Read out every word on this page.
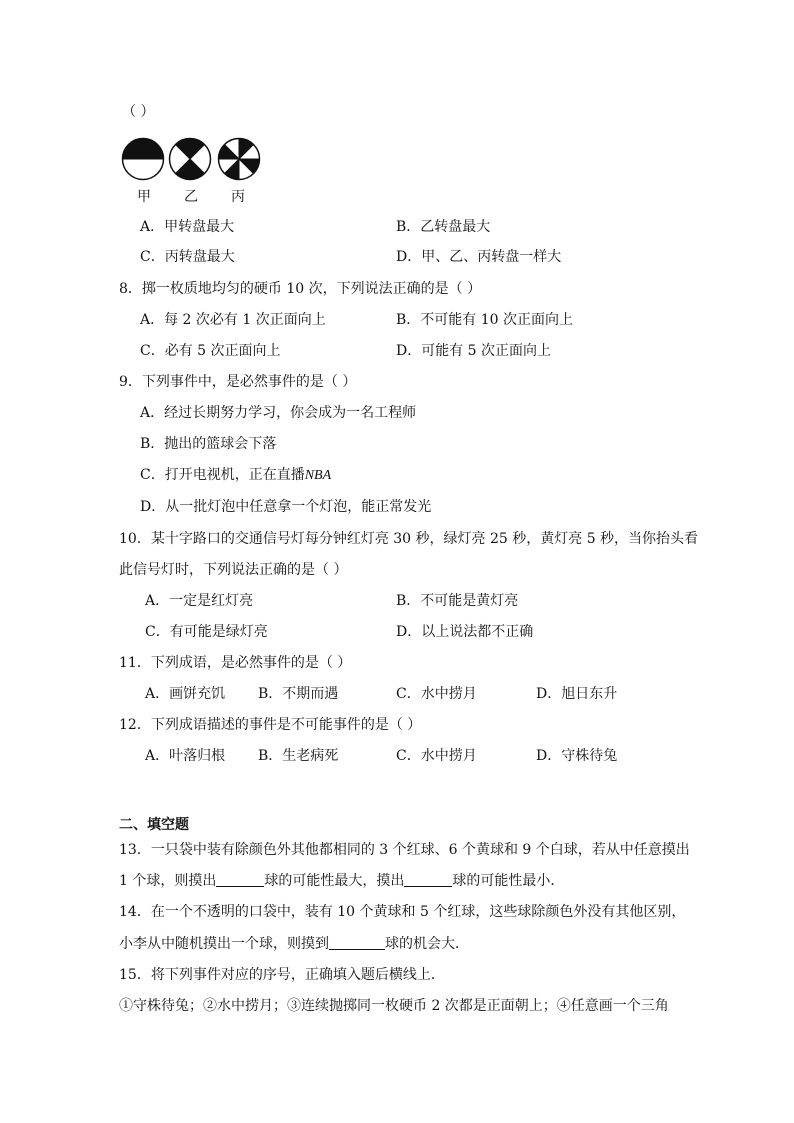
（ ）
甲 乙 丙
A．甲转盘最大	B．乙转盘最大
C．丙转盘最大	D．甲、乙、丙转盘一样大
8．掷一枚质地均匀的硬币 10 次，下列说法正确的是（ ）
A．每 2 次必有 1 次正面向上	B．不可能有 10 次正面向上
C．必有 5 次正面向上	D．可能有 5 次正面向上
9．下列事件中，是必然事件的是（ ）
A．经过长期努力学习，你会成为一名工程师
B．抛出的篮球会下落
C．打开电视机，正在直播NBA
D．从一批灯泡中任意拿一个灯泡，能正常发光
10．某十字路口的交通信号灯每分钟红灯亮 30 秒，绿灯亮 25 秒，黄灯亮 5 秒，当你抬头看
此信号灯时，下列说法正确的是（ ）
A．一定是红灯亮	B．不可能是黄灯亮
C．有可能是绿灯亮	D．以上说法都不正确
11．下列成语，是必然事件的是（ ）
A．画饼充饥 B．不期而遇	C．水中捞月	D．旭日东升
12．下列成语描述的事件是不可能事件的是（ ）
A．叶落归根 B．生老病死	C．水中捞月	D．守株待兔
二、填空题
13．一只袋中装有除颜色外其他都相同的 3 个红球、6 个黄球和 9 个白球，若从中任意摸出
1 个球，则摸出	球的可能性最大，摸出	球的可能性最小．
14．在一个不透明的口袋中，装有 10 个黄球和 5 个红球，这些球除颜色外没有其他区别，
小李从中随机摸出一个球，则摸到	球的机会大．
15．将下列事件对应的序号，正确填入题后横线上．
①守株待兔；②水中捞月；③连续抛掷同一枚硬币 2 次都是正面朝上；④任意画一个三角
